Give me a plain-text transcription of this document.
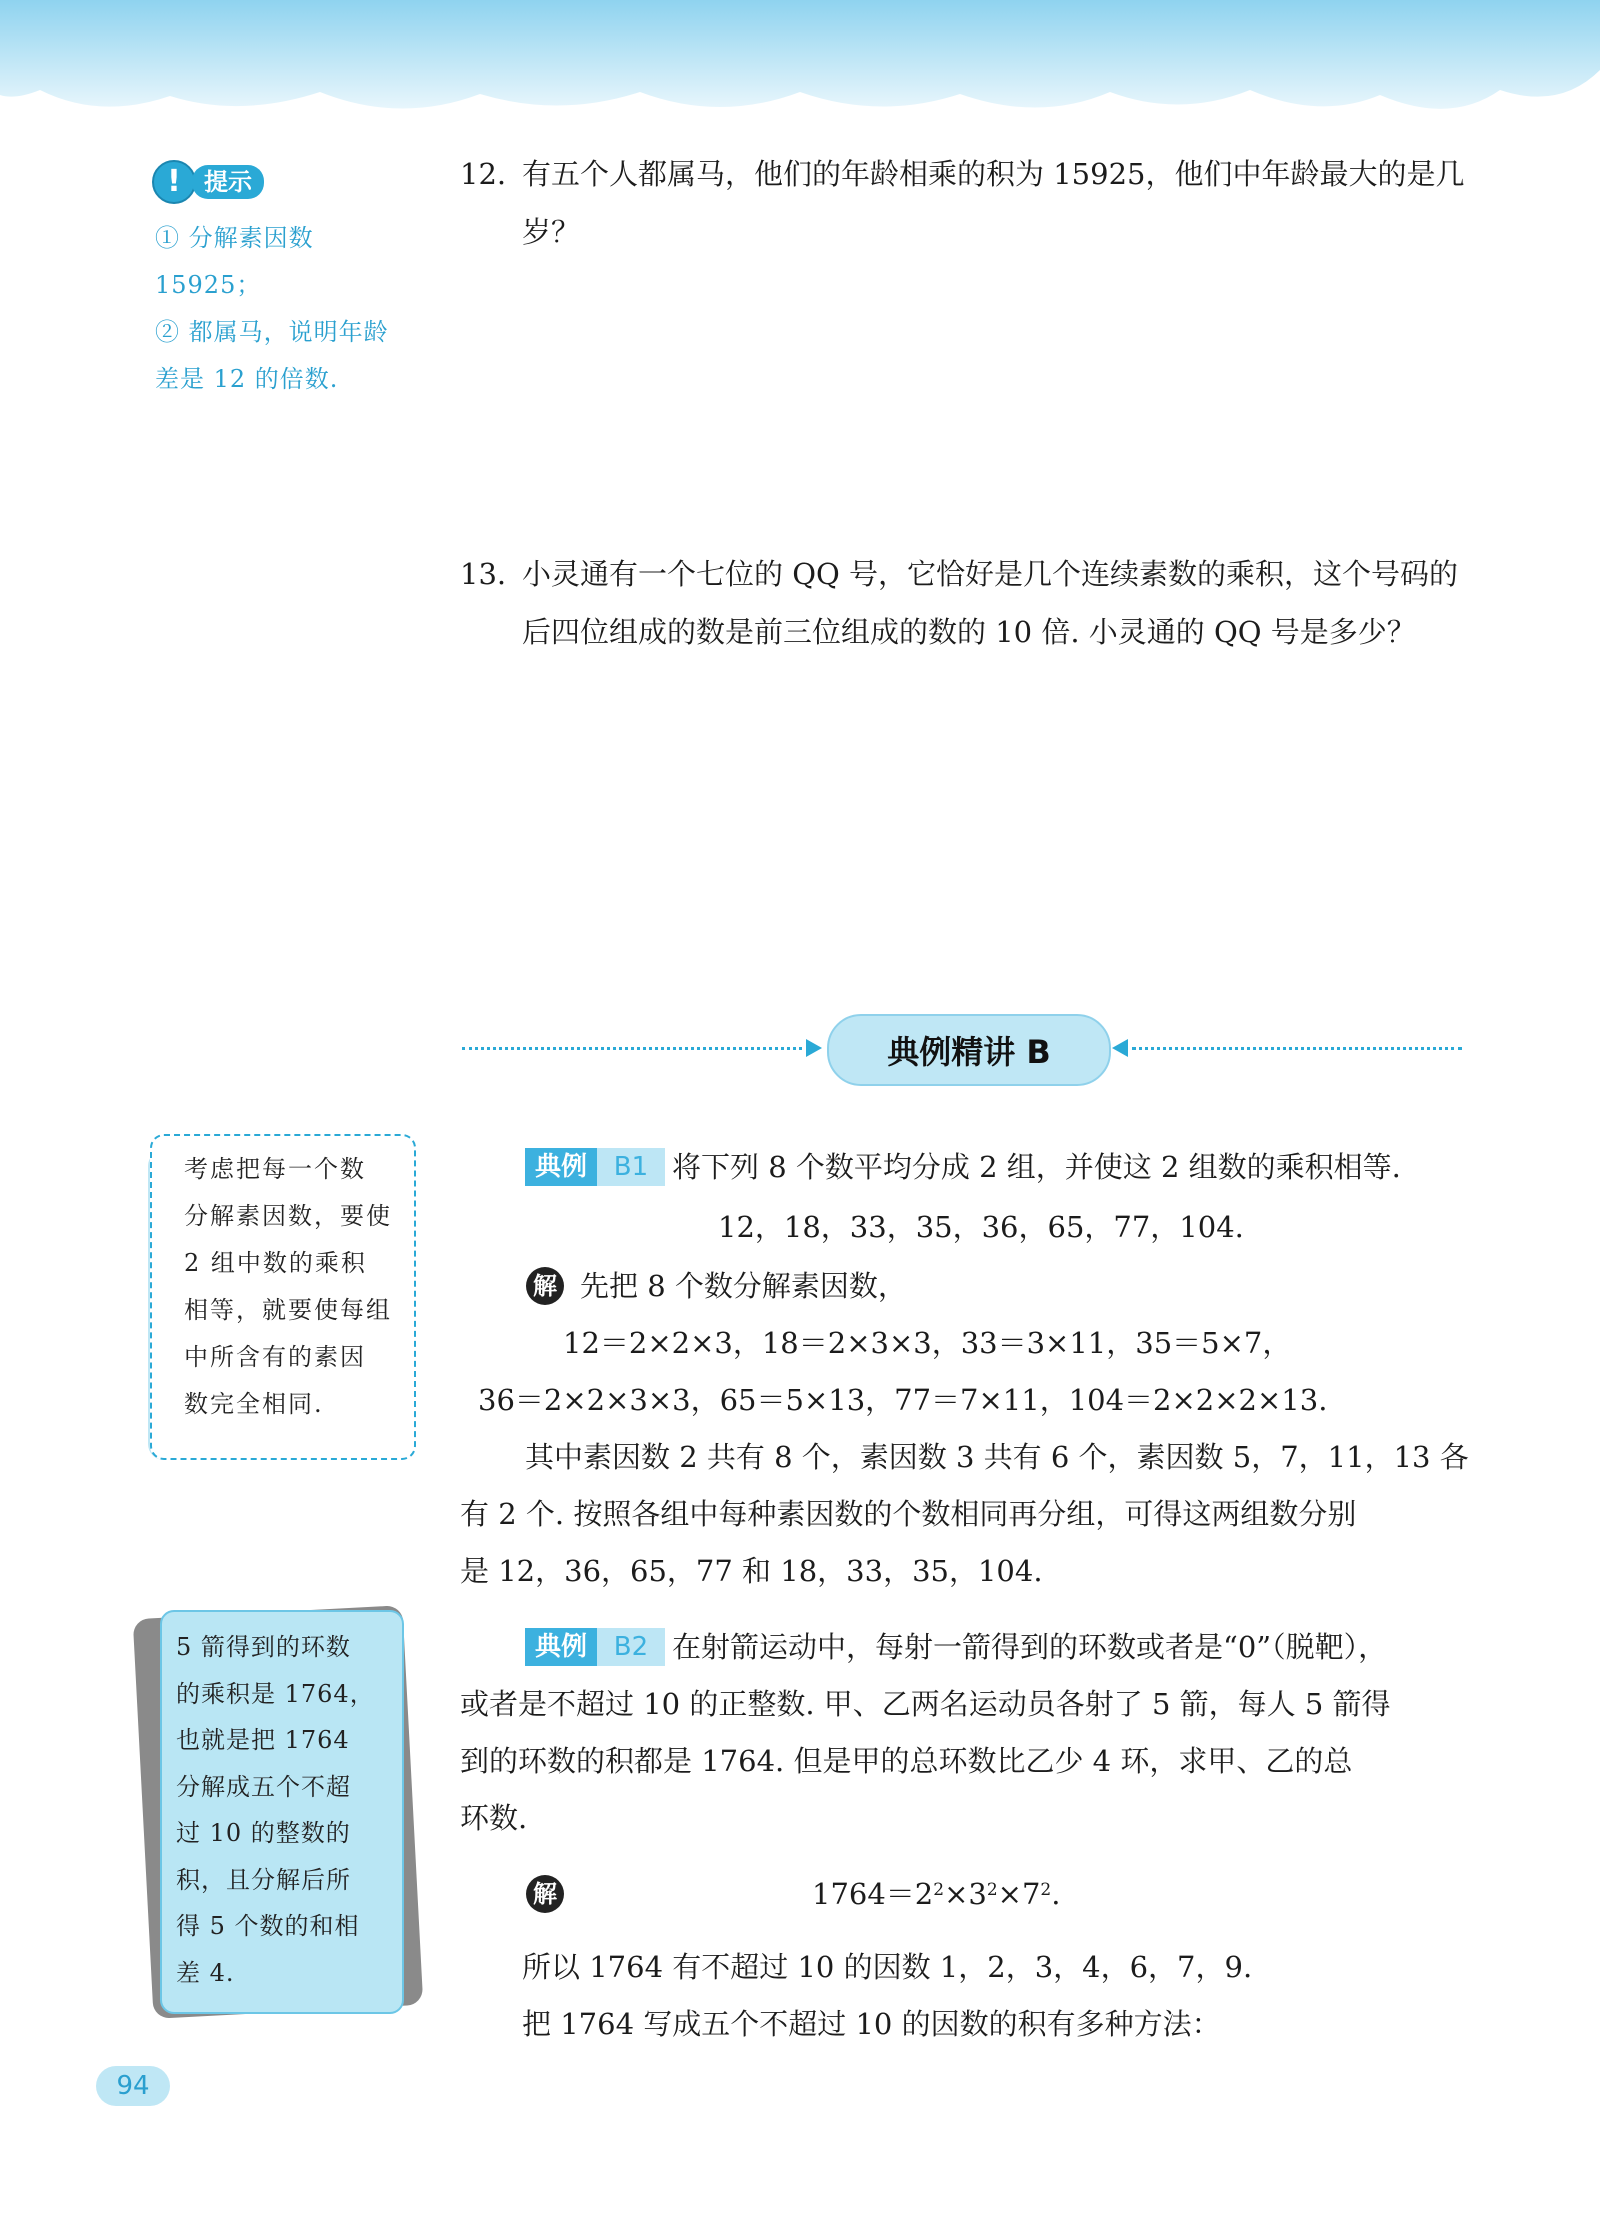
! 提示
① 分解素因数 15925；
② 都属马，说明年龄
差是 12 的倍数.
12. 有五个人都属马，他们的年龄相乘的积为 15925，他们中年龄最大的是几岁？
13. 小灵通有一个七位的 QQ 号，它恰好是几个连续素数的乘积，这个号码的后四位组成的数是前三位组成的数的 10 倍. 小灵通的 QQ 号是多少？
典例精讲 B
考虑把每一个数
分解素因数，要使
2 组中数的乘积
相等，就要使每组
中所含有的素因
数完全相同.
典例	B1 将下列 8 个数平均分成 2 组，并使这 2 组数的乘积相等.
12，18，33，35，36，65，77，104.
解 先把 8 个数分解素因数，
12＝2×2×3，18＝2×3×3，33＝3×11，35＝5×7，
36＝2×2×3×3，65＝5×13，77＝7×11，104＝2×2×2×13.
其中素因数 2 共有 8 个，素因数 3 共有 6 个，素因数 5，7，11，13 各
有 2 个. 按照各组中每种素因数的个数相同再分组，可得这两组数分别
是 12，36，65，77 和 18，33，35，104.
5 箭得到的环数
的乘积是 1764，
也就是把 1764
分解成五个不超
过 10 的整数的
积，且分解后所
得 5 个数的和相
差 4.
典例	B2 在射箭运动中，每射一箭得到的环数或者是“0”（脱靶），
或者是不超过 10 的正整数. 甲、乙两名运动员各射了 5 箭，每人 5 箭得
到的环数的积都是 1764. 但是甲的总环数比乙少 4 环，求甲、乙的总
环数.
解	$1764=2^2\times 3^2\times 7^2$.
所以 1764 有不超过 10 的因数 1，2，3，4，6，7，9.
把 1764 写成五个不超过 10 的因数的积有多种方法：
94
